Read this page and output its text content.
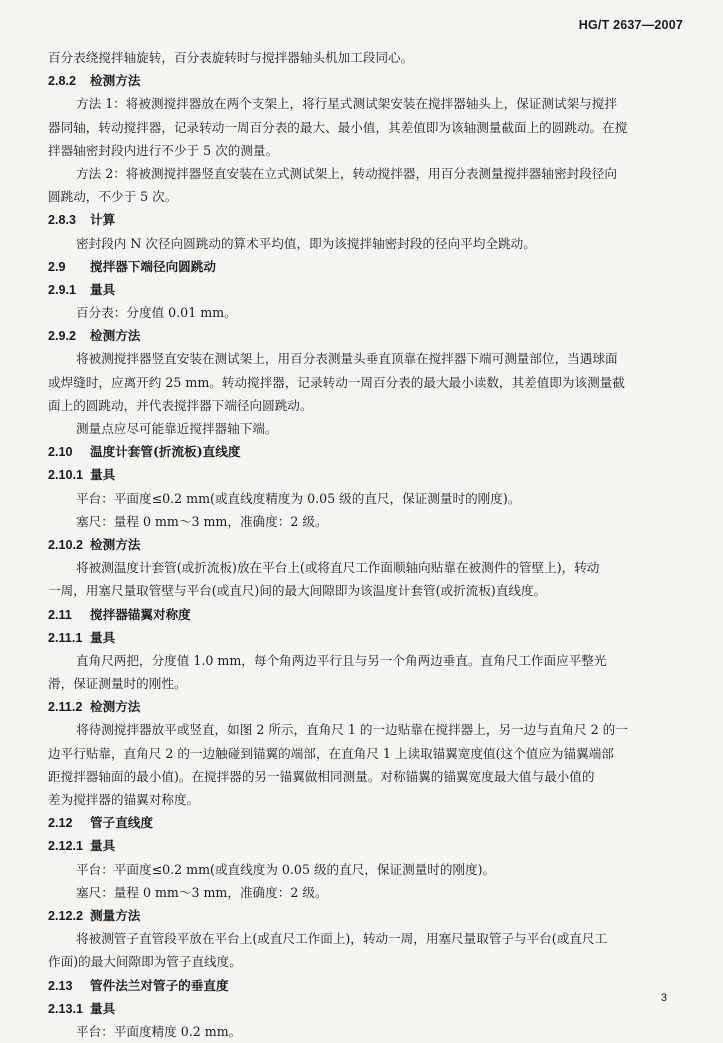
HG/T 2637—2007
百分表绕搅拌轴旋转，百分表旋转时与搅拌器轴头机加工段同心。
2.8.2 检测方法
方法 1：将被测搅拌器放在两个支架上，将行星式测试架安装在搅拌器轴头上，保证测试架与搅拌
器同轴，转动搅拌器，记录转动一周百分表的最大、最小值，其差值即为该轴测量截面上的圆跳动。在搅
拌器轴密封段内进行不少于 5 次的测量。
方法 2：将被测搅拌器竖直安装在立式测试架上，转动搅拌器，用百分表测量搅拌器轴密封段径向
圆跳动，不少于 5 次。
2.8.3 计算
密封段内 N 次径向圆跳动的算术平均值，即为该搅拌轴密封段的径向平均全跳动。
2.9 搅拌器下端径向圆跳动
2.9.1 量具
百分表：分度值 0.01 mm。
2.9.2 检测方法
将被测搅拌器竖直安装在测试架上，用百分表测量头垂直顶靠在搅拌器下端可测量部位，当遇球面
或焊缝时，应离开约 25 mm。转动搅拌器，记录转动一周百分表的最大最小读数，其差值即为该测量截
面上的圆跳动，并代表搅拌器下端径向圆跳动。
测量点应尽可能靠近搅拌器轴下端。
2.10 温度计套管(折流板)直线度
2.10.1 量具
平台：平面度≤0.2 mm(或直线度精度为 0.05 级的直尺，保证测量时的刚度)。
塞尺：量程 0 mm～3 mm，准确度：2 级。
2.10.2 检测方法
将被测温度计套管(或折流板)放在平台上(或将直尺工作面顺轴向贴靠在被测件的管壁上)，转动
一周，用塞尺量取管壁与平台(或直尺)间的最大间隙即为该温度计套管(或折流板)直线度。
2.11 搅拌器锚翼对称度
2.11.1 量具
直角尺两把，分度值 1.0 mm，每个角两边平行且与另一个角两边垂直。直角尺工作面应平整光
滑，保证测量时的刚性。
2.11.2 检测方法
将待测搅拌器放平或竖直，如图 2 所示，直角尺 1 的一边贴靠在搅拌器上，另一边与直角尺 2 的一
边平行贴靠，直角尺 2 的一边触碰到锚翼的端部，在直角尺 1 上读取锚翼宽度值(这个值应为锚翼端部
距搅拌器轴面的最小值)。在搅拌器的另一锚翼做相同测量。对称锚翼的锚翼宽度最大值与最小值的
差为搅拌器的锚翼对称度。
2.12 管子直线度
2.12.1 量具
平台：平面度≤0.2 mm(或直线度为 0.05 级的直尺，保证测量时的刚度)。
塞尺：量程 0 mm～3 mm，准确度：2 级。
2.12.2 测量方法
将被测管子直管段平放在平台上(或直尺工作面上)，转动一周，用塞尺量取管子与平台(或直尺工
作面)的最大间隙即为管子直线度。
2.13 管件法兰对管子的垂直度
2.13.1 量具
平台：平面度精度 0.2 mm。
3
